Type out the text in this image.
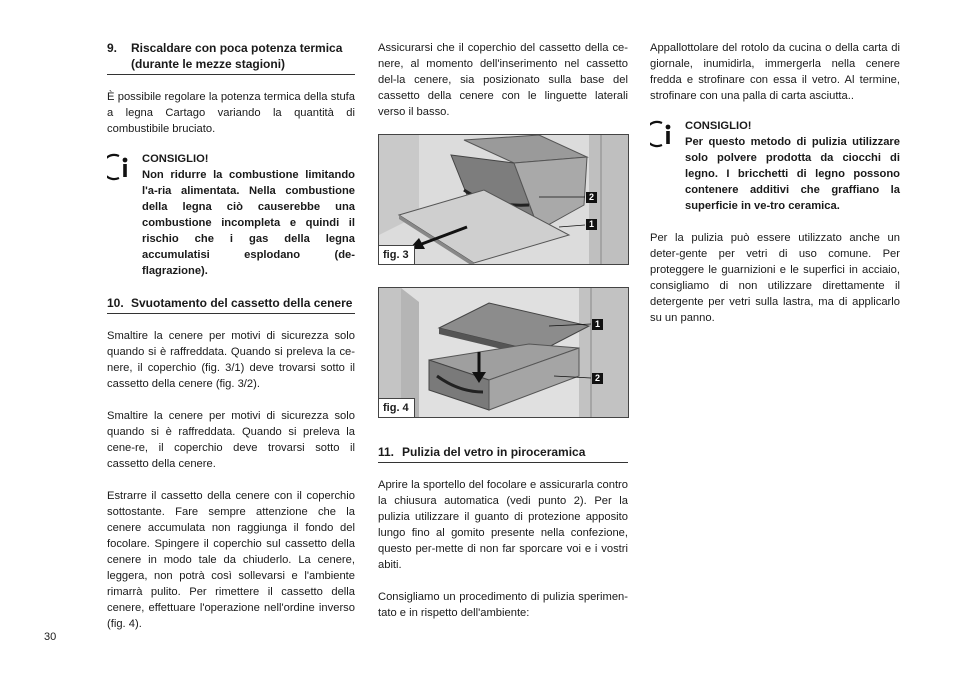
9.	Riscaldare con poca potenza termica (durante le mezze stagioni)

È possibile regolare la potenza termica della stufa a legna Cartago variando la quantità di combustibile bruciato.

CONSIGLIO!
Non ridurre la combustione limitando l'a-ria alimentata. Nella combustione della legna ciò causerebbe una combustione incompleta e quindi il rischio che i gas della legna accumulatisi esplodano (de-flagrazione).
10. Svuotamento del cassetto della cenere

Smaltire la cenere per motivi di sicurezza solo quando si è raffreddata. Quando si preleva la ce-nere, il coperchio (fig. 3/1) deve trovarsi sotto il cassetto della cenere (fig. 3/2).

Smaltire la cenere per motivi di sicurezza solo quando si è raffreddata. Quando si preleva la cene-re, il coperchio deve trovarsi sotto il cassetto della cenere.

Estrarre il cassetto della cenere con il coperchio sottostante. Fare sempre attenzione che la cenere accumulata non raggiunga il fondo del focolare. Spingere il coperchio sul cassetto della cenere in modo tale da chiuderlo. La cenere, leggera, non potrà così sollevarsi e l'ambiente rimarrà pulito. Per rimettere il cassetto della cenere, effettuare l'operazione nell'ordine inverso (fig. 4).

Assicurarsi che il coperchio del cassetto della ce-nere, al momento dell'inserimento nel cassetto del-la cenere, sia posizionato sulla base del cassetto della cenere con le linguette laterali verso il basso.

2
1
fig. 3
1
2
fig. 4
11. Pulizia del vetro in piroceramica

Aprire la sportello del focolare e assicurarla contro la chiusura automatica (vedi punto 2). Per la pulizia utilizzare il guanto di protezione apposito lungo fino al gomito presente nella confezione, questo per-mette di non far sporcare voi e i vostri abiti.

Consigliamo un procedimento di pulizia sperimen-tato e in rispetto dell'ambiente:

Appallottolare del rotolo da cucina o della carta di giornale, inumidirla, immergerla nella cenere fredda e strofinare con essa il vetro. Al termine, strofinare con una palla di carta asciutta..

CONSIGLIO!
Per questo metodo di pulizia utilizzare solo polvere prodotta da ciocchi di legno. I bricchetti di legno possono contenere additivi che graffiano la superficie in ve-tro ceramica.

Per la pulizia può essere utilizzato anche un deter-gente per vetri di uso comune. Per proteggere le guarnizioni e le superfici in acciaio, consigliamo di non utilizzare direttamente il detergente per vetri sulla lastra, ma di applicarlo su un panno.

30
